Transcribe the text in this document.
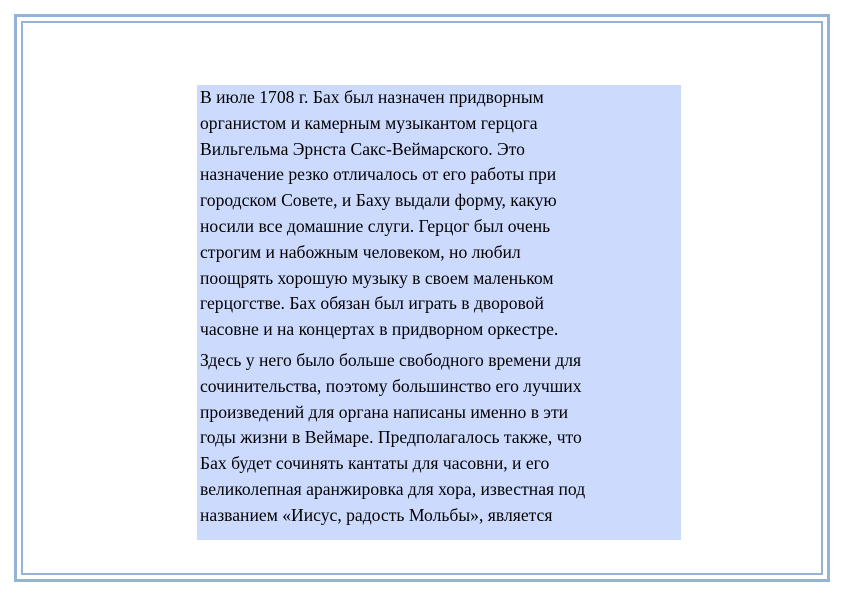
В июле 1708 г. Бах был назначен придворным
органистом и камерным музыкантом герцога
Вильгельма Эрнста Сакс-Веймарского. Это
назначение резко отличалось от его работы при
городском Совете, и Баху выдали форму, какую
носили все домашние слуги. Герцог был очень
строгим и набожным человеком, но любил
поощрять хорошую музыку в своем маленьком
герцогстве. Бах обязан был играть в дворовой
часовне и на концертах в придворном оркестре.

Здесь у него было больше свободного времени для
сочинительства, поэтому большинство его лучших
произведений для органа написаны именно в эти
годы жизни в Веймаре. Предполагалось также, что
Бах будет сочинять кантаты для часовни, и его
великолепная аранжировка для хора, известная под
названием «Иисус, радость Мольбы», является
